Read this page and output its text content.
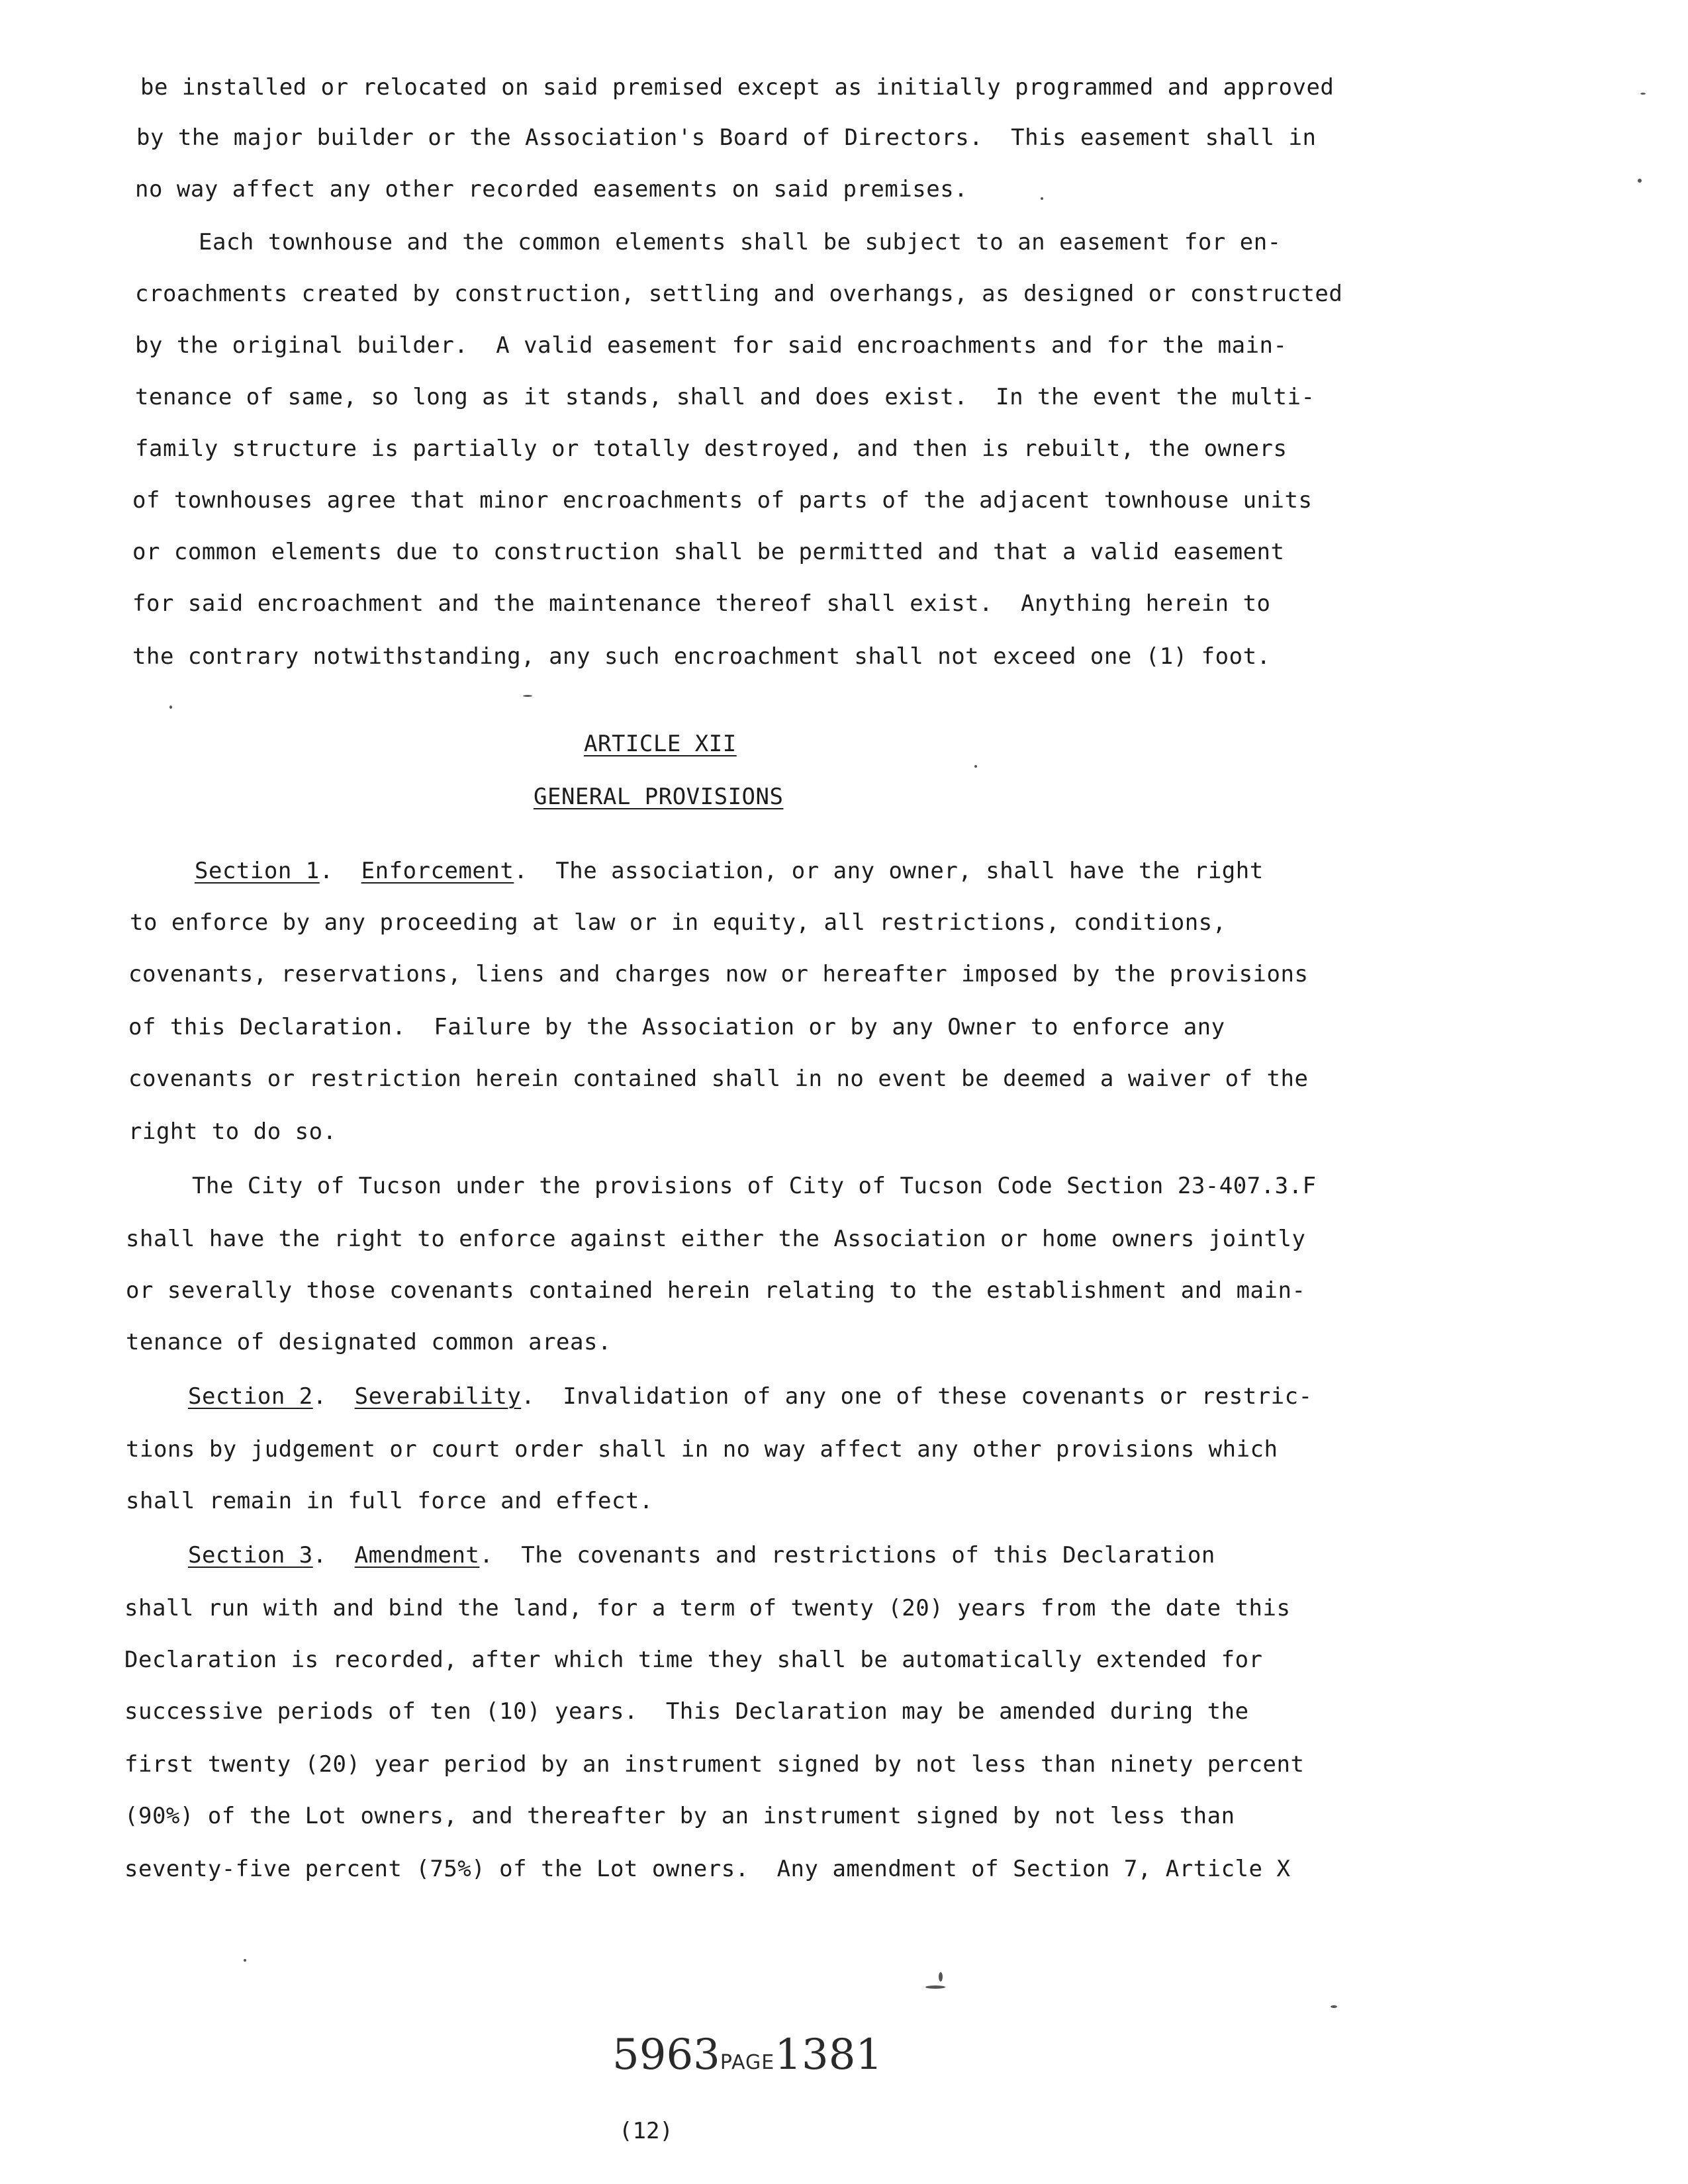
be installed or relocated on said premised except as initially programmed and approved
by the major builder or the Association's Board of Directors.  This easement shall in
no way affect any other recorded easements on said premises.
Each townhouse and the common elements shall be subject to an easement for en-
croachments created by construction, settling and overhangs, as designed or constructed
by the original builder.  A valid easement for said encroachments and for the main-
tenance of same, so long as it stands, shall and does exist.  In the event the multi-
family structure is partially or totally destroyed, and then is rebuilt, the owners
of townhouses agree that minor encroachments of parts of the adjacent townhouse units
or common elements due to construction shall be permitted and that a valid easement
for said encroachment and the maintenance thereof shall exist.  Anything herein to
the contrary notwithstanding, any such encroachment shall not exceed one (1) foot.
ARTICLE XII
GENERAL PROVISIONS
Section 1.  Enforcement.  The association, or any owner, shall have the right
to enforce by any proceeding at law or in equity, all restrictions, conditions,
covenants, reservations, liens and charges now or hereafter imposed by the provisions
of this Declaration.  Failure by the Association or by any Owner to enforce any
covenants or restriction herein contained shall in no event be deemed a waiver of the
right to do so.
The City of Tucson under the provisions of City of Tucson Code Section 23-407.3.F
shall have the right to enforce against either the Association or home owners jointly
or severally those covenants contained herein relating to the establishment and main-
tenance of designated common areas.
Section 2.  Severability.  Invalidation of any one of these covenants or restric-
tions by judgement or court order shall in no way affect any other provisions which
shall remain in full force and effect.
Section 3.  Amendment.  The covenants and restrictions of this Declaration
shall run with and bind the land, for a term of twenty (20) years from the date this
Declaration is recorded, after which time they shall be automatically extended for
successive periods of ten (10) years.  This Declaration may be amended during the
first twenty (20) year period by an instrument signed by not less than ninety percent
(90%) of the Lot owners, and thereafter by an instrument signed by not less than
seventy-five percent (75%) of the Lot owners.  Any amendment of Section 7, Article X
5963PAGE1381
(12)
